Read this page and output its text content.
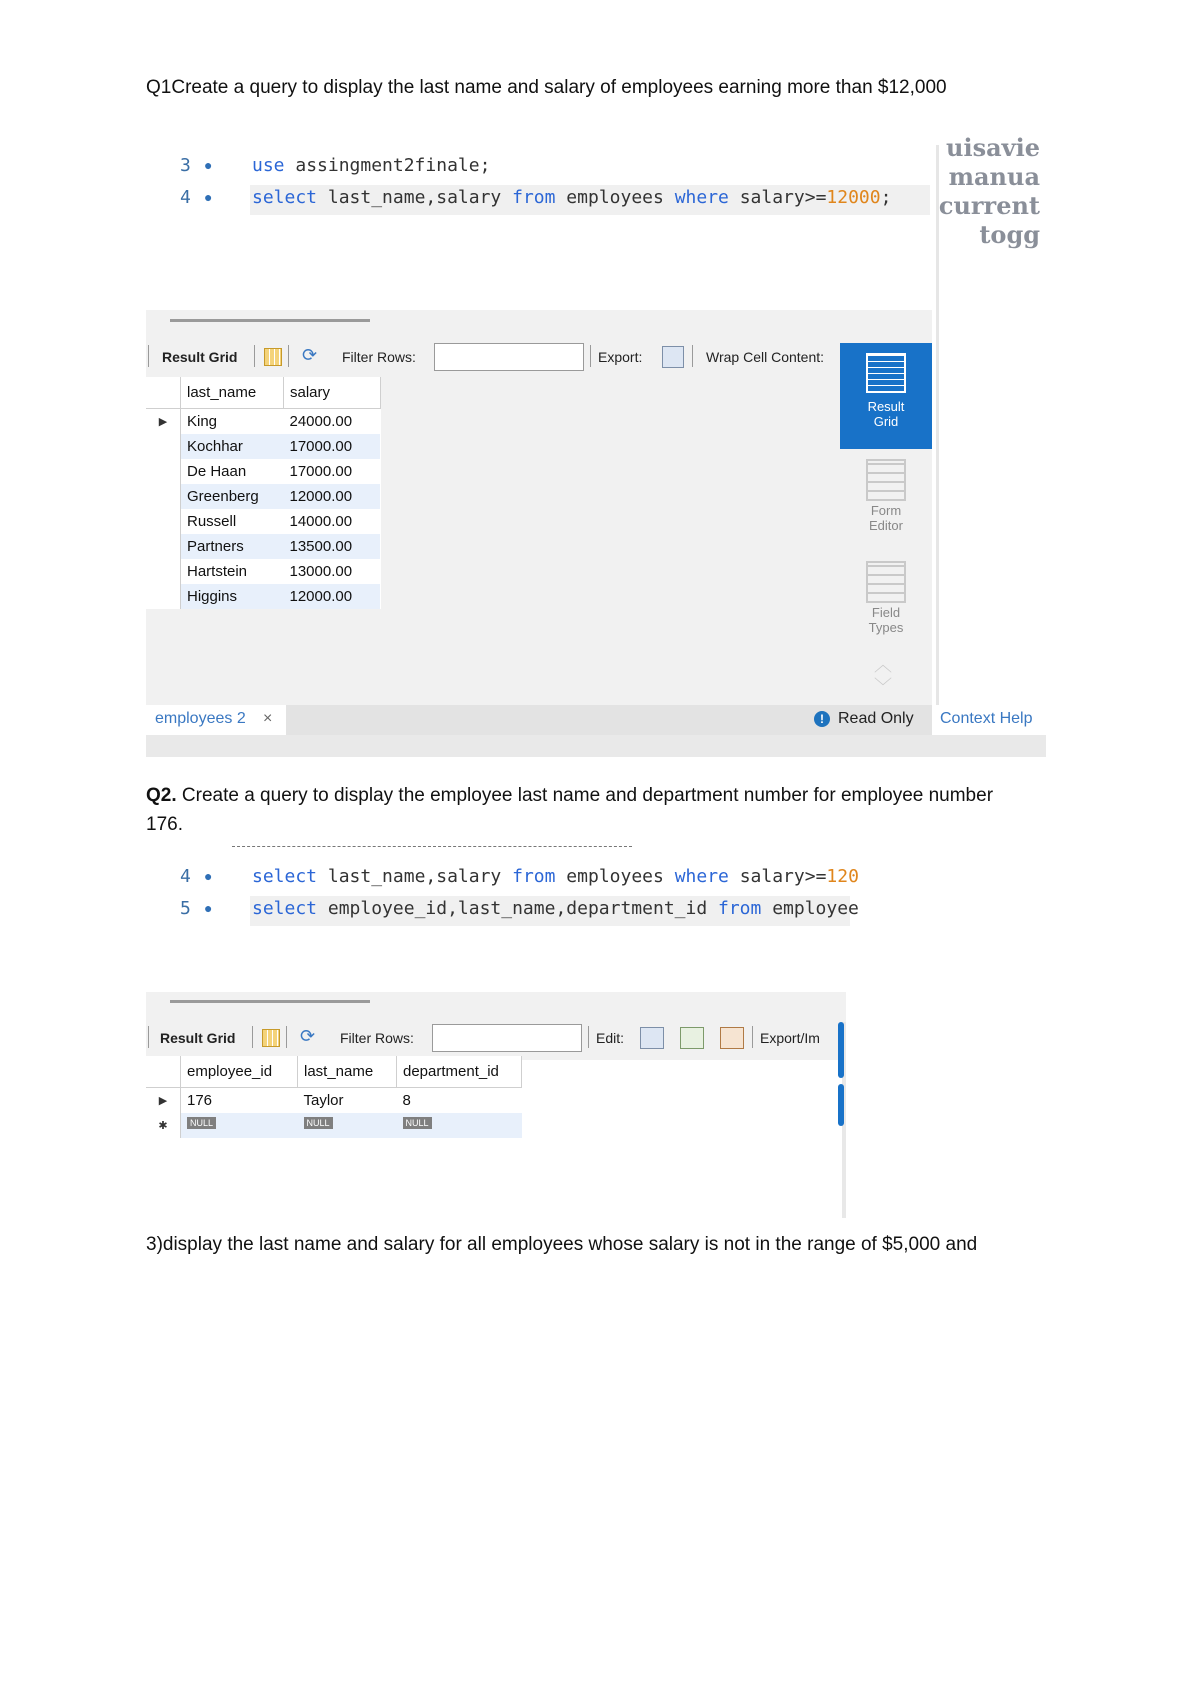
Q1Create a query to display the last name and salary of employees earning more than $12,000
3 ● use assingment2finale;
4 ● select last_name,salary from employees where salary>=12000;
uisavie
manua
current
togg
Result Grid	⟳ Filter Rows:	Export:	Wrap Cell Content:
	last_name	salary
▶	King	24000.00
	Kochhar	17000.00
	De Haan	17000.00
	Greenberg	12000.00
	Russell	14000.00
	Partners	13500.00
	Hartstein	13000.00
	Higgins	12000.00
Result
Grid
Form
Editor
Field
Types
︿
﹀
employees 2 ×	! Read Only Context Help
Q2. Create a query to display the employee last name and department number for employee number 176.
4 ● select last_name,salary from employees where salary>=120
5 ● select employee_id,last_name,department_id from employee
Result Grid	⟳ Filter Rows:	Edit:	Export/Im
	employee_id	last_name	department_id
▶	176	Taylor	8
✱	NULL	NULL	NULL
3)display the last name and salary for all employees whose salary is not in the range of $5,000 and
